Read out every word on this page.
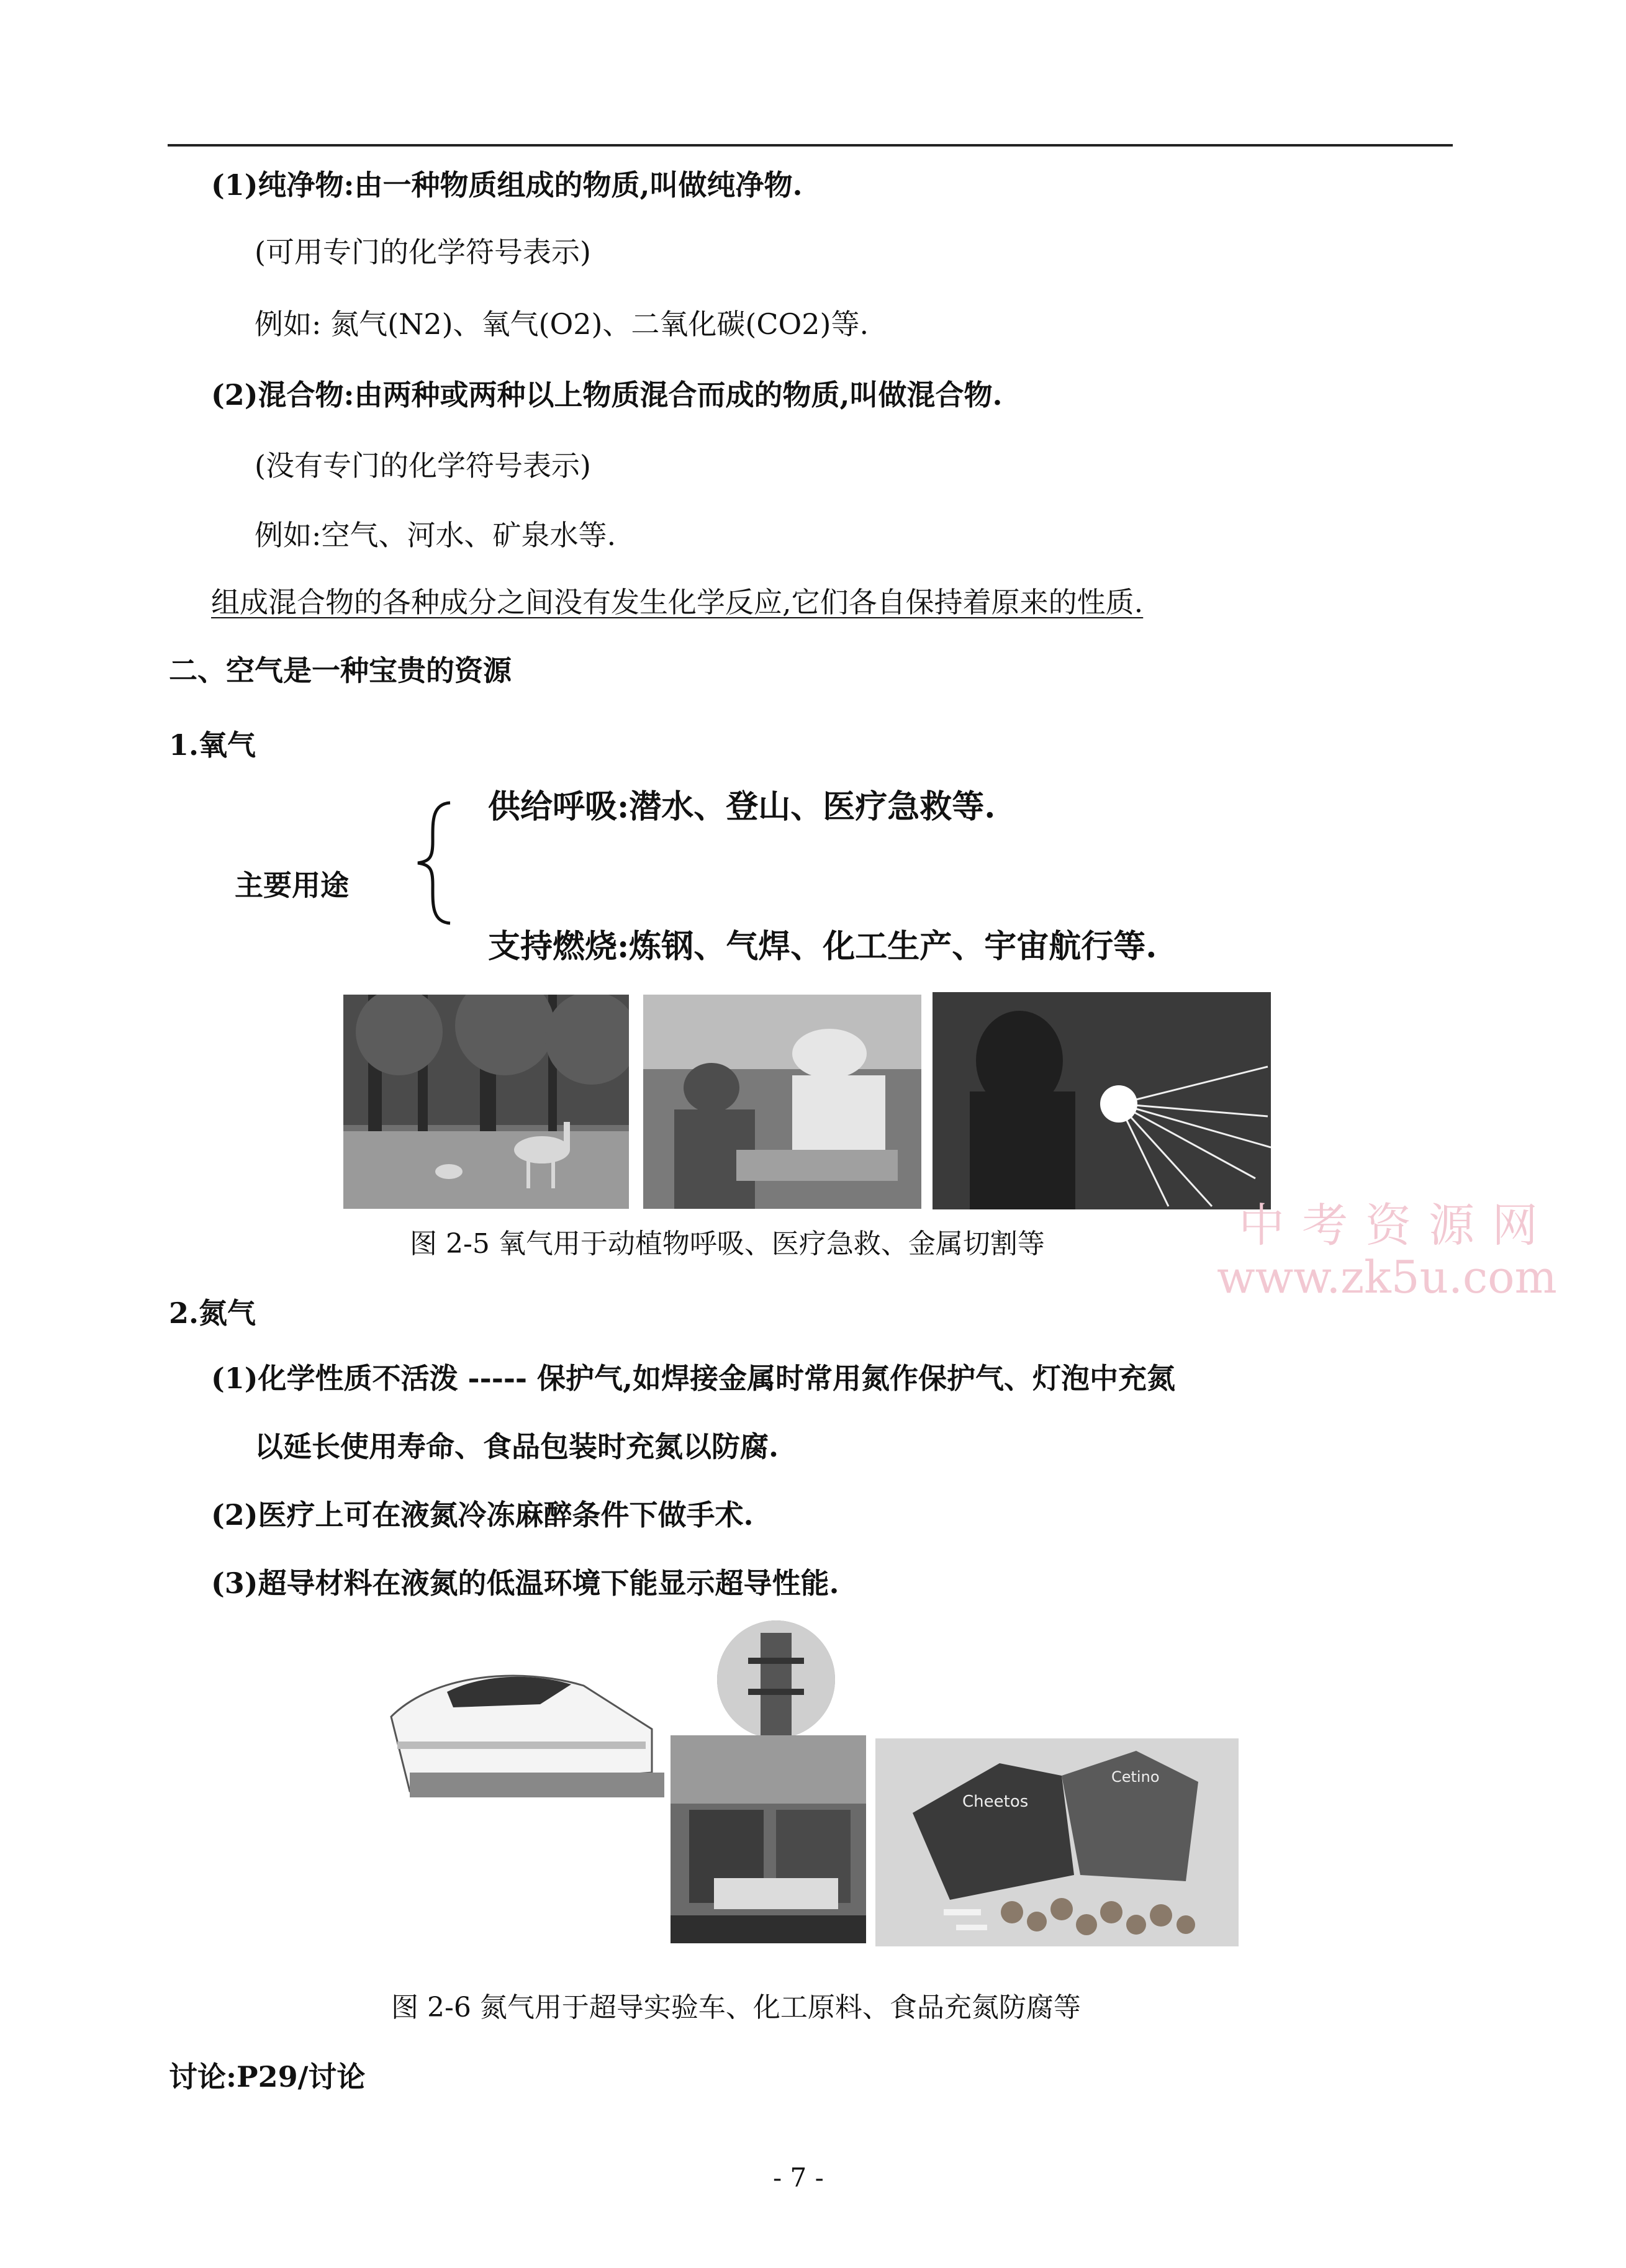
(1)纯净物:由一种物质组成的物质,叫做纯净物.
(可用专门的化学符号表示)
例如: 氮气(N2)、氧气(O2)、二氧化碳(CO2)等.
(2)混合物:由两种或两种以上物质混合而成的物质,叫做混合物.
(没有专门的化学符号表示)
例如:空气、河水、矿泉水等.
组成混合物的各种成分之间没有发生化学反应,它们各自保持着原来的性质.
二、空气是一种宝贵的资源
1.氧气
主要用途
供给呼吸:潜水、登山、医疗急救等.
支持燃烧:炼钢、气焊、化工生产、宇宙航行等.
图 2-5 氧气用于动植物呼吸、医疗急救、金属切割等
2.氮气
(1)化学性质不活泼 ----- 保护气,如焊接金属时常用氮作保护气、灯泡中充氮
以延长使用寿命、食品包装时充氮以防腐.
(2)医疗上可在液氮冷冻麻醉条件下做手术.
(3)超导材料在液氮的低温环境下能显示超导性能.
Cheetos
Cetino
图 2-6 氮气用于超导实验车、化工原料、食品充氮防腐等
讨论:P29/讨论
中考资源网
www.zk5u.com
- 7 -
